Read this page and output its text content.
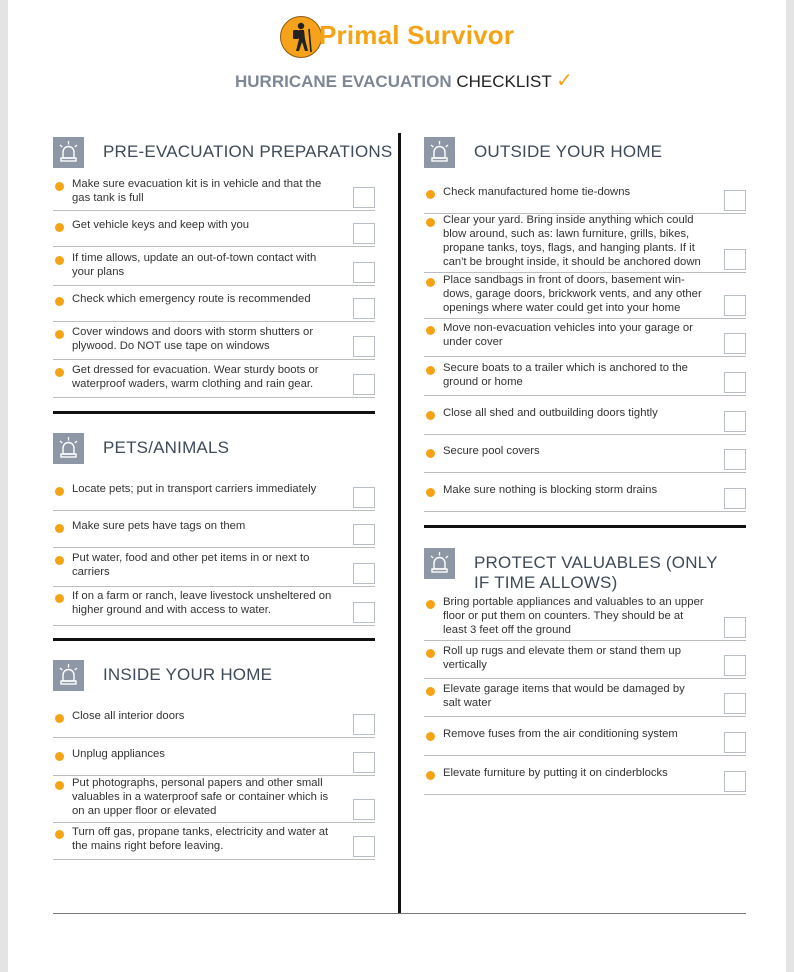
Primal Survivor
HURRICANE EVACUATION CHECKLIST ✓
PRE-EVACUATION PREPARATIONS
Make sure evacuation kit is in vehicle and that the gas tank is full
Get vehicle keys and keep with you
If time allows, update an out-of-town contact with your plans
Check which emergency route is recommended
Cover windows and doors with storm shutters or plywood. Do NOT use tape on windows
Get dressed for evacuation. Wear sturdy boots or waterproof waders, warm clothing and rain gear.
PETS/ANIMALS
Locate pets; put in transport carriers immediately
Make sure pets have tags on them
Put water, food and other pet items in or next to carriers
If on a farm or ranch, leave livestock unsheltered on higher ground and with access to water.
INSIDE YOUR HOME
Close all interior doors
Unplug appliances
Put photographs, personal papers and other small valuables in a waterproof safe or container which is on an upper floor or elevated
Turn off gas, propane tanks, electricity and water at the mains right before leaving.
OUTSIDE YOUR HOME
Check manufactured home tie-downs
Clear your yard. Bring inside anything which could blow around, such as: lawn furniture, grills, bikes, propane tanks, toys, flags, and hanging plants. If it can't be brought inside, it should be anchored down
Place sandbags in front of doors, basement win-dows, garage doors, brickwork vents, and any other openings where water could get into your home
Move non-evacuation vehicles into your garage or under cover
Secure boats to a trailer which is anchored to the ground or home
Close all shed and outbuilding doors tightly
Secure pool covers
Make sure nothing is blocking storm drains
PROTECT VALUABLES (ONLY IF TIME ALLOWS)
Bring portable appliances and valuables to an upper floor or put them on counters. They should be at least 3 feet off the ground
Roll up rugs and elevate them or stand them up vertically
Elevate garage items that would be damaged by salt water
Remove fuses from the air conditioning system
Elevate furniture by putting it on cinderblocks
